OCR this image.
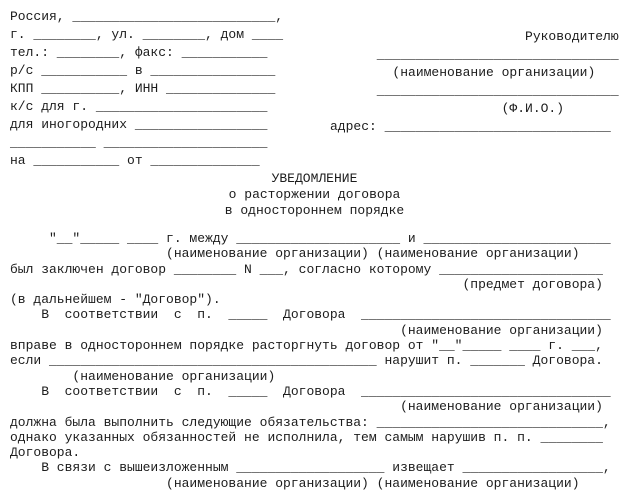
Россия, __________________________,
г. ________, ул. ________, дом ____
тел.: ________, факс: ___________
р/с ___________ в ________________
КПП __________, ИНН ______________
к/с для г. ______________________
для иногородних _________________
___________ _____________________
на ___________ от ______________
Руководителю
_______________________________
(наименование организации)
_______________________________
(Ф.И.О.)
адрес: _____________________________
УВЕДОМЛЕНИЕ
о расторжении договора
в одностороннем порядке
"__"_____ ____ г. между _____________________ и ________________________
(наименование организации) (наименование организации)
был заключен договор ________ N ___, согласно которому _____________________
(предмет договора)
(в дальнейшем - "Договор").
В  соответствии  с  п.  _____  Договора  ________________________________
(наименование организации)
вправе в одностороннем порядке расторгнуть договор от "__"_____ ____ г. ___,
если __________________________________________ нарушит п. _______ Договора.
(наименование организации)
В  соответствии  с  п.  _____  Договора  ________________________________
(наименование организации)
должна была выполнить следующие обязательства: _____________________________,
однако указанных обязанностей не исполнила, тем самым нарушив п. п. ________
Договора.
В связи с вышеизложенным ___________________ извещает __________________,
(наименование организации) (наименование организации)
